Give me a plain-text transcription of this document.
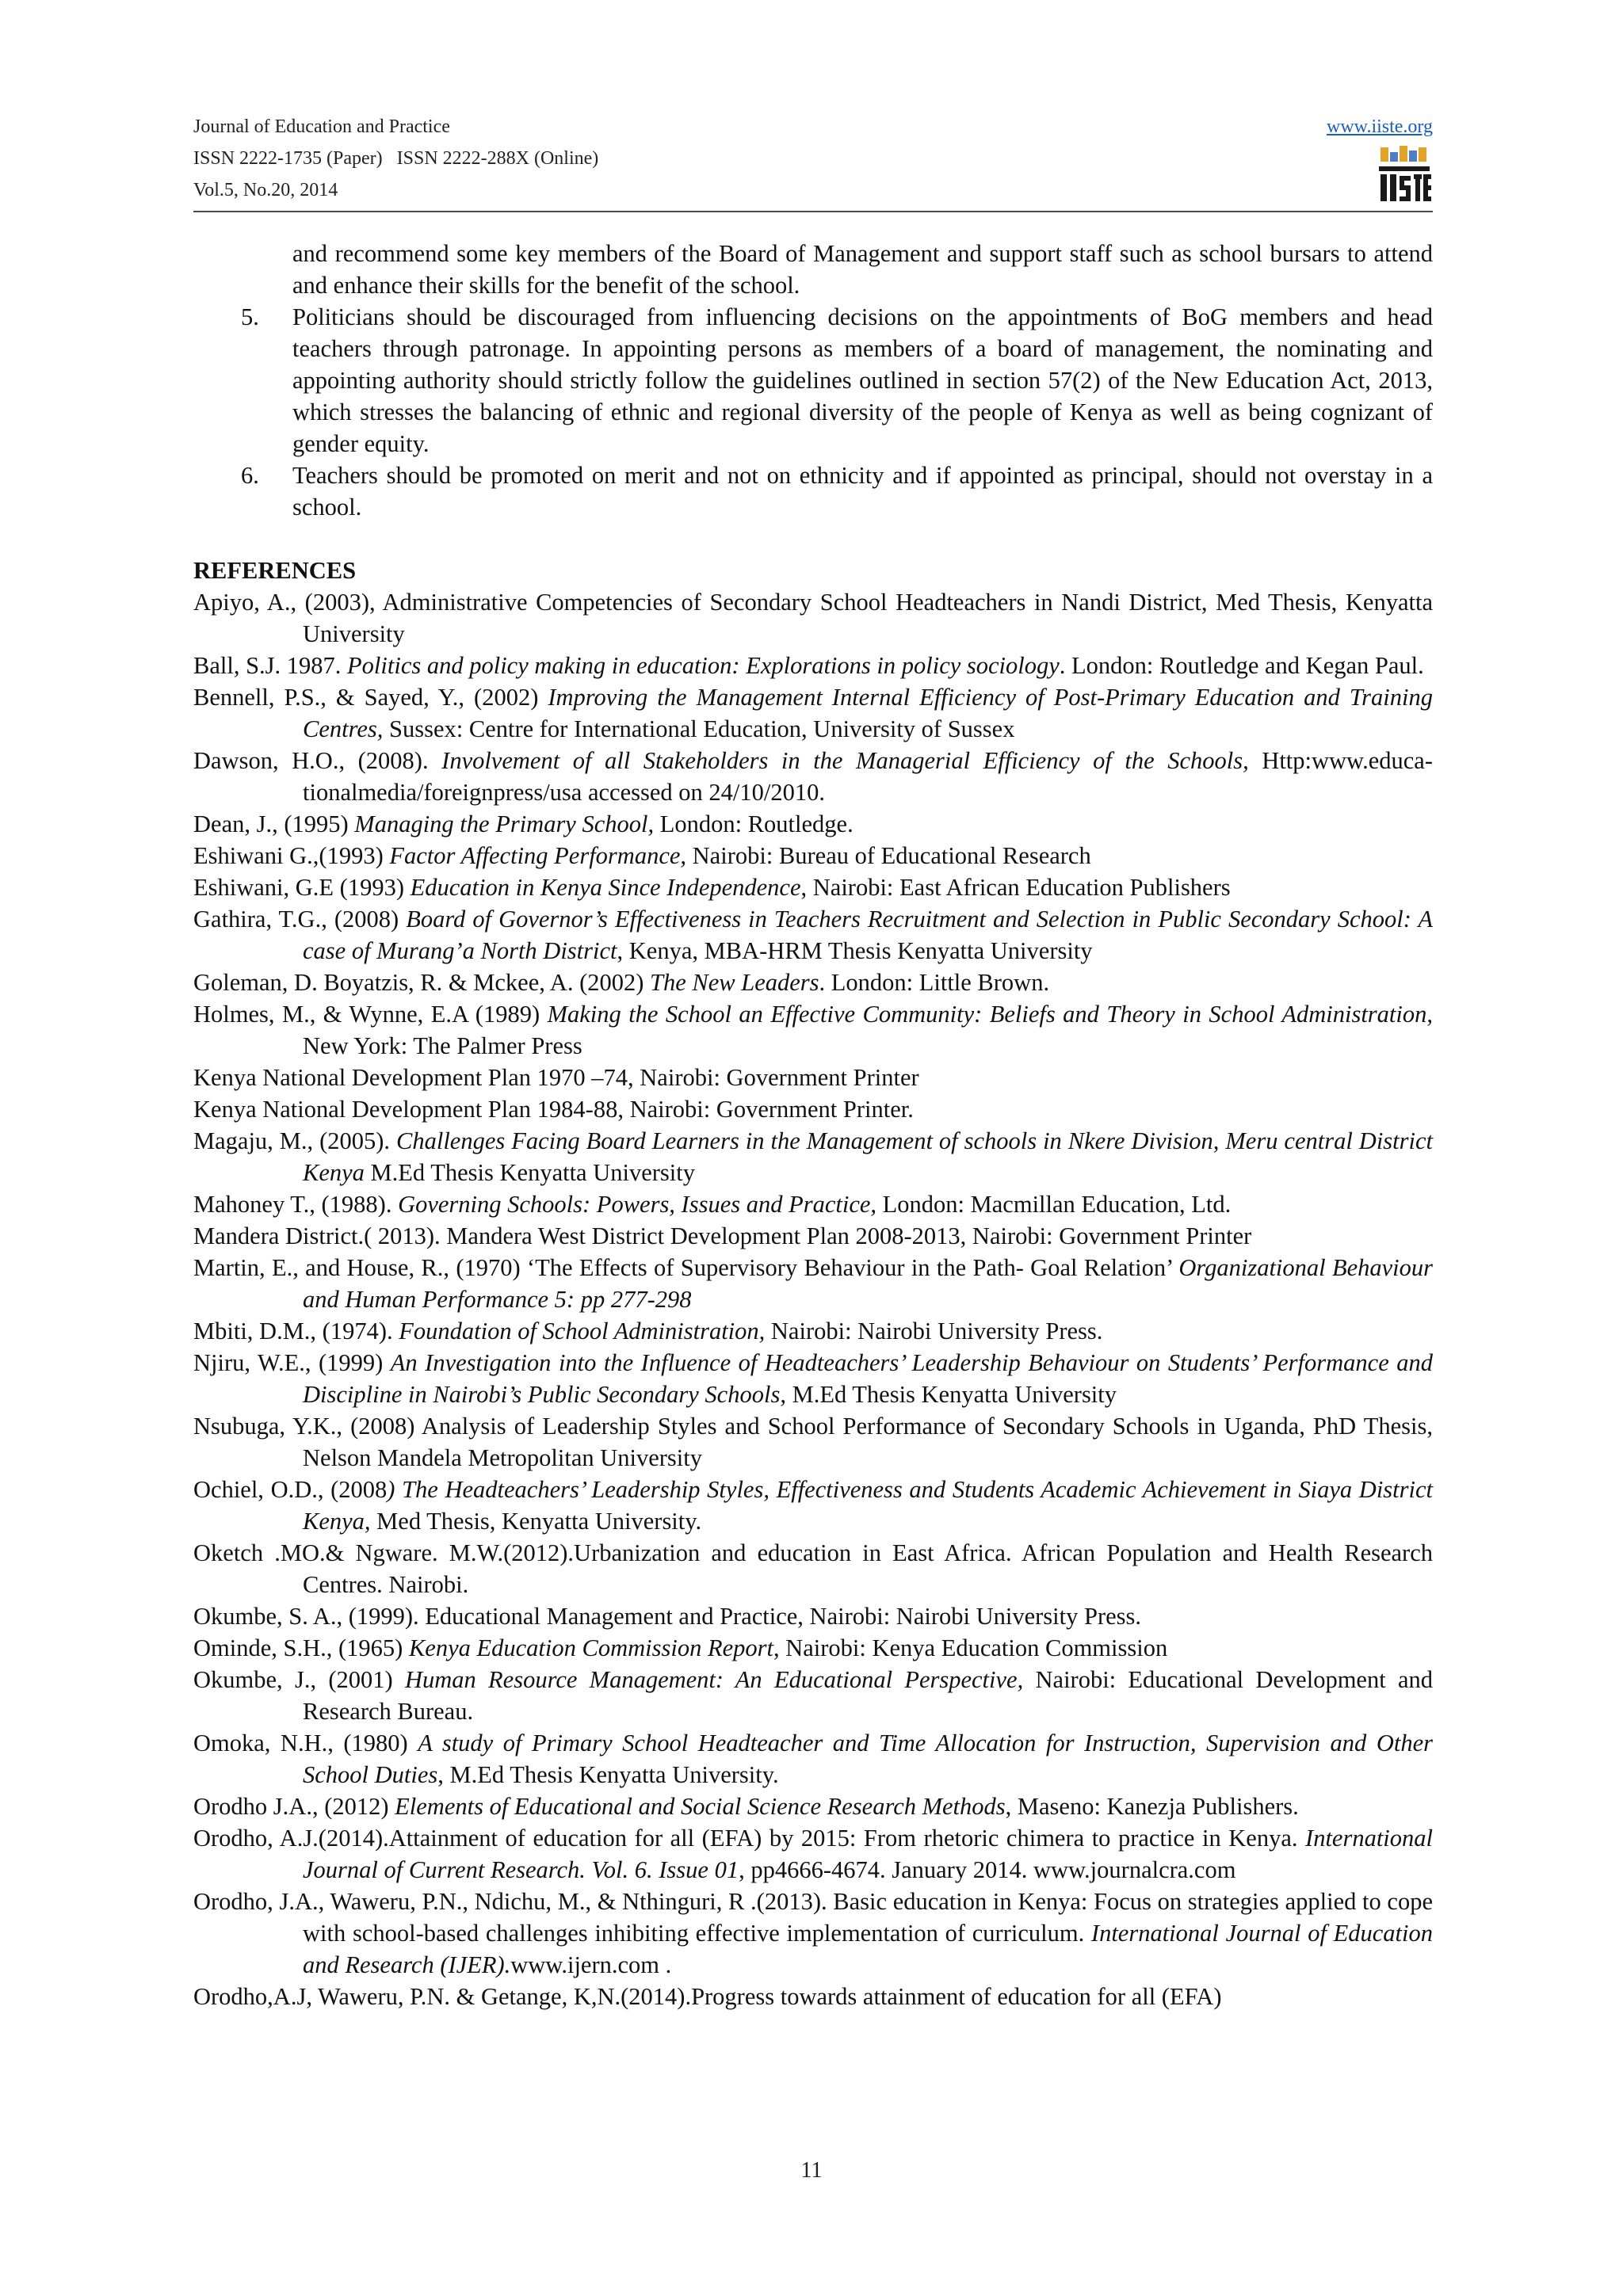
Journal of Education and Practice
ISSN 2222-1735 (Paper)   ISSN 2222-288X (Online)
Vol.5, No.20, 2014
www.iiste.org
and recommend some key members of the Board of Management and support staff such as school bursars to attend and enhance their skills for the benefit of the school.
5. Politicians should be discouraged from influencing decisions on the appointments of BoG members and head teachers through patronage. In appointing persons as members of a board of management, the nominating and appointing authority should strictly follow the guidelines outlined in section 57(2) of the New Education Act, 2013, which stresses the balancing of ethnic and regional diversity of the people of Kenya as well as being cognizant of gender equity.
6. Teachers should be promoted on merit and not on ethnicity and if appointed as principal, should not overstay in a school.
REFERENCES
Apiyo, A., (2003), Administrative Competencies of Secondary School Headteachers in Nandi District, Med Thesis, Kenyatta University
Ball, S.J. 1987. Politics and policy making in education: Explorations in policy sociology. London: Routledge and Kegan Paul.
Bennell, P.S., & Sayed, Y., (2002) Improving the Management Internal Efficiency of Post-Primary Education and Training Centres, Sussex: Centre for International Education, University of Sussex
Dawson, H.O., (2008). Involvement of all Stakeholders in the Managerial Efficiency of the Schools, Http:www.educa-tionalmedia/foreignpress/usa accessed on 24/10/2010.
Dean, J., (1995) Managing the Primary School, London: Routledge.
Eshiwani G.,(1993) Factor Affecting Performance, Nairobi: Bureau of Educational Research
Eshiwani, G.E (1993) Education in Kenya Since Independence, Nairobi: East African Education Publishers
Gathira, T.G., (2008) Board of Governor’s Effectiveness in Teachers Recruitment and Selection in Public Secondary School: A case of Murang’a North District, Kenya, MBA-HRM Thesis Kenyatta University
Goleman, D. Boyatzis, R. & Mckee, A. (2002) The New Leaders. London: Little Brown.
Holmes, M., & Wynne, E.A (1989) Making the School an Effective Community: Beliefs and Theory in School Administration, New York: The Palmer Press
Kenya National Development Plan 1970 –74, Nairobi: Government Printer
Kenya National Development Plan 1984-88, Nairobi: Government Printer.
Magaju, M., (2005). Challenges Facing Board Learners in the Management of schools in Nkere Division, Meru central District Kenya M.Ed Thesis Kenyatta University
Mahoney T., (1988). Governing Schools: Powers, Issues and Practice, London: Macmillan Education, Ltd.
Mandera District.( 2013). Mandera West District Development Plan 2008-2013, Nairobi: Government Printer
Martin, E., and House, R., (1970) ‘The Effects of Supervisory Behaviour in the Path- Goal Relation’ Organizational Behaviour and Human Performance 5: pp 277-298
Mbiti, D.M., (1974). Foundation of School Administration, Nairobi: Nairobi University Press.
Njiru, W.E., (1999) An Investigation into the Influence of Headteachers’ Leadership Behaviour on Students’ Performance and Discipline in Nairobi’s Public Secondary Schools, M.Ed Thesis Kenyatta University
Nsubuga, Y.K., (2008) Analysis of Leadership Styles and School Performance of Secondary Schools in Uganda, PhD Thesis, Nelson Mandela Metropolitan University
Ochiel, O.D., (2008) The Headteachers’ Leadership Styles, Effectiveness and Students Academic Achievement in Siaya District Kenya, Med Thesis, Kenyatta University.
Oketch .MO.& Ngware. M.W.(2012).Urbanization and education in East Africa. African Population and Health Research Centres. Nairobi.
Okumbe, S. A., (1999). Educational Management and Practice, Nairobi: Nairobi University Press.
Ominde, S.H., (1965) Kenya Education Commission Report, Nairobi: Kenya Education Commission
Okumbe, J., (2001) Human Resource Management: An Educational Perspective, Nairobi: Educational Development and Research Bureau.
Omoka, N.H., (1980) A study of Primary School Headteacher and Time Allocation for Instruction, Supervision and Other School Duties, M.Ed Thesis Kenyatta University.
Orodho J.A., (2012) Elements of Educational and Social Science Research Methods, Maseno: Kanezja Publishers.
Orodho, A.J.(2014).Attainment of education for all (EFA) by 2015: From rhetoric chimera to practice in Kenya. International Journal of Current Research. Vol. 6. Issue 01, pp4666-4674. January 2014. www.journalcra.com
Orodho, J.A., Waweru, P.N., Ndichu, M., & Nthinguri, R .(2013). Basic education in Kenya: Focus on strategies applied to cope with school-based challenges inhibiting effective implementation of curriculum. International Journal of Education and Research (IJER).www.ijern.com .
Orodho,A.J, Waweru, P.N. & Getange, K,N.(2014).Progress towards attainment of education for all (EFA)
11
